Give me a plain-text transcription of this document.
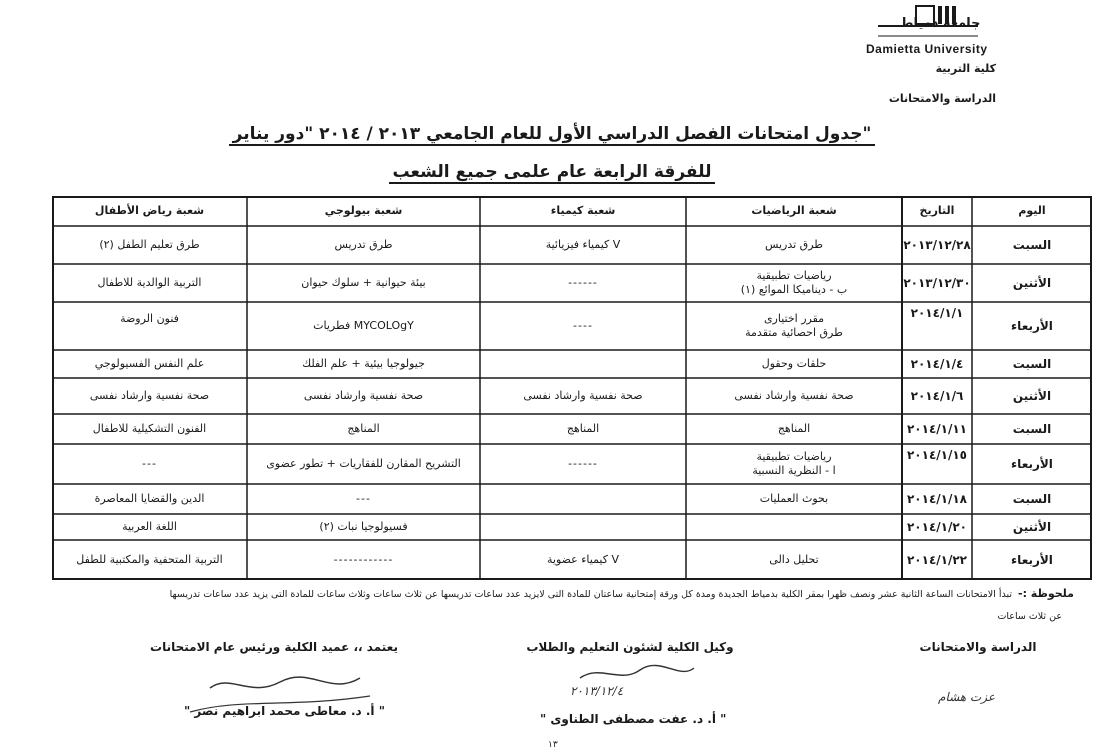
جامعة دمياط
Damietta University
كلية التربية
الدراسة والامتحانات
جدول امتحانات الفصل الدراسي الأول للعام الجامعي ٢٠١٣ / ٢٠١٤ "دور يناير"
للفرقة الرابعة عام علمى جميع الشعب
اليوم
التاريخ
شعبة الرياضيات
شعبة كيمياء
شعبة بيولوجي
شعبة رياض الأطفال
السبت
٢٠١٣/١٢/٢٨
طرق تدريس
كيمياء فيزيائية V
طرق تدريس
طرق تعليم الطفل (٢)
الأثنين
٢٠١٣/١٢/٣٠
رياضيات تطبيقية
ب - ديناميكا الموائع (١)
------
بيئة حيوانية + سلوك حيوان
التربية الوالدية للاطفال
الأربعاء
٢٠١٤/١/١
مقرر اختيارى
طرق احصائية متقدمة
----
فطريات MYCOLOgY
فنون الروضة
السبت
٢٠١٤/١/٤
حلقات وحقول
جيولوجيا بيئية + علم الفلك
علم النفس الفسيولوجي
الأثنين
٢٠١٤/١/٦
صحة نفسية وارشاد نفسى
صحة نفسية وارشاد نفسى
صحة نفسية وارشاد نفسى
صحة نفسية وارشاد نفسى
السبت
٢٠١٤/١/١١
المناهج
المناهج
المناهج
الفنون التشكيلية للاطفال
الأربعاء
٢٠١٤/١/١٥
رياضيات تطبيقية
ا - النظرية النسبية
------
التشريح المقارن للفقاريات + تطور عضوى
---
السبت
٢٠١٤/١/١٨
بحوث العمليات
---
الدين والقضايا المعاصرة
الأثنين
٢٠١٤/١/٢٠
فسيولوجيا نبات (٢)
اللغة العربية
الأربعاء
٢٠١٤/١/٢٢
تحليل دالى
كيمياء عضوية V
------------
التربية المتحفية والمكتبية للطفل
ملحوظة :-
تبدأ الامتحانات الساعة الثانية عشر ونصف ظهرا بمقر الكلية بدمياط الجديدة ومدة كل ورقة إمتحانية ساعتان للمادة التى لايزيد عدد ساعات تدريسها عن ثلاث ساعات وثلاث ساعات للمادة التى يزيد عدد ساعات تدريسها
عن ثلاث ساعات
الدراسة والامتحانات
عزت هشام
وكيل الكلية لشئون التعليم والطلاب
٢٠١٣/١٢/٤
" أ. د. عفت مصطفى الطناوى "
يعتمد ،، عميد الكلية ورئيس عام الامتحانات
" أ. د. معاطى محمد ابراهيم نصر "
١٣
